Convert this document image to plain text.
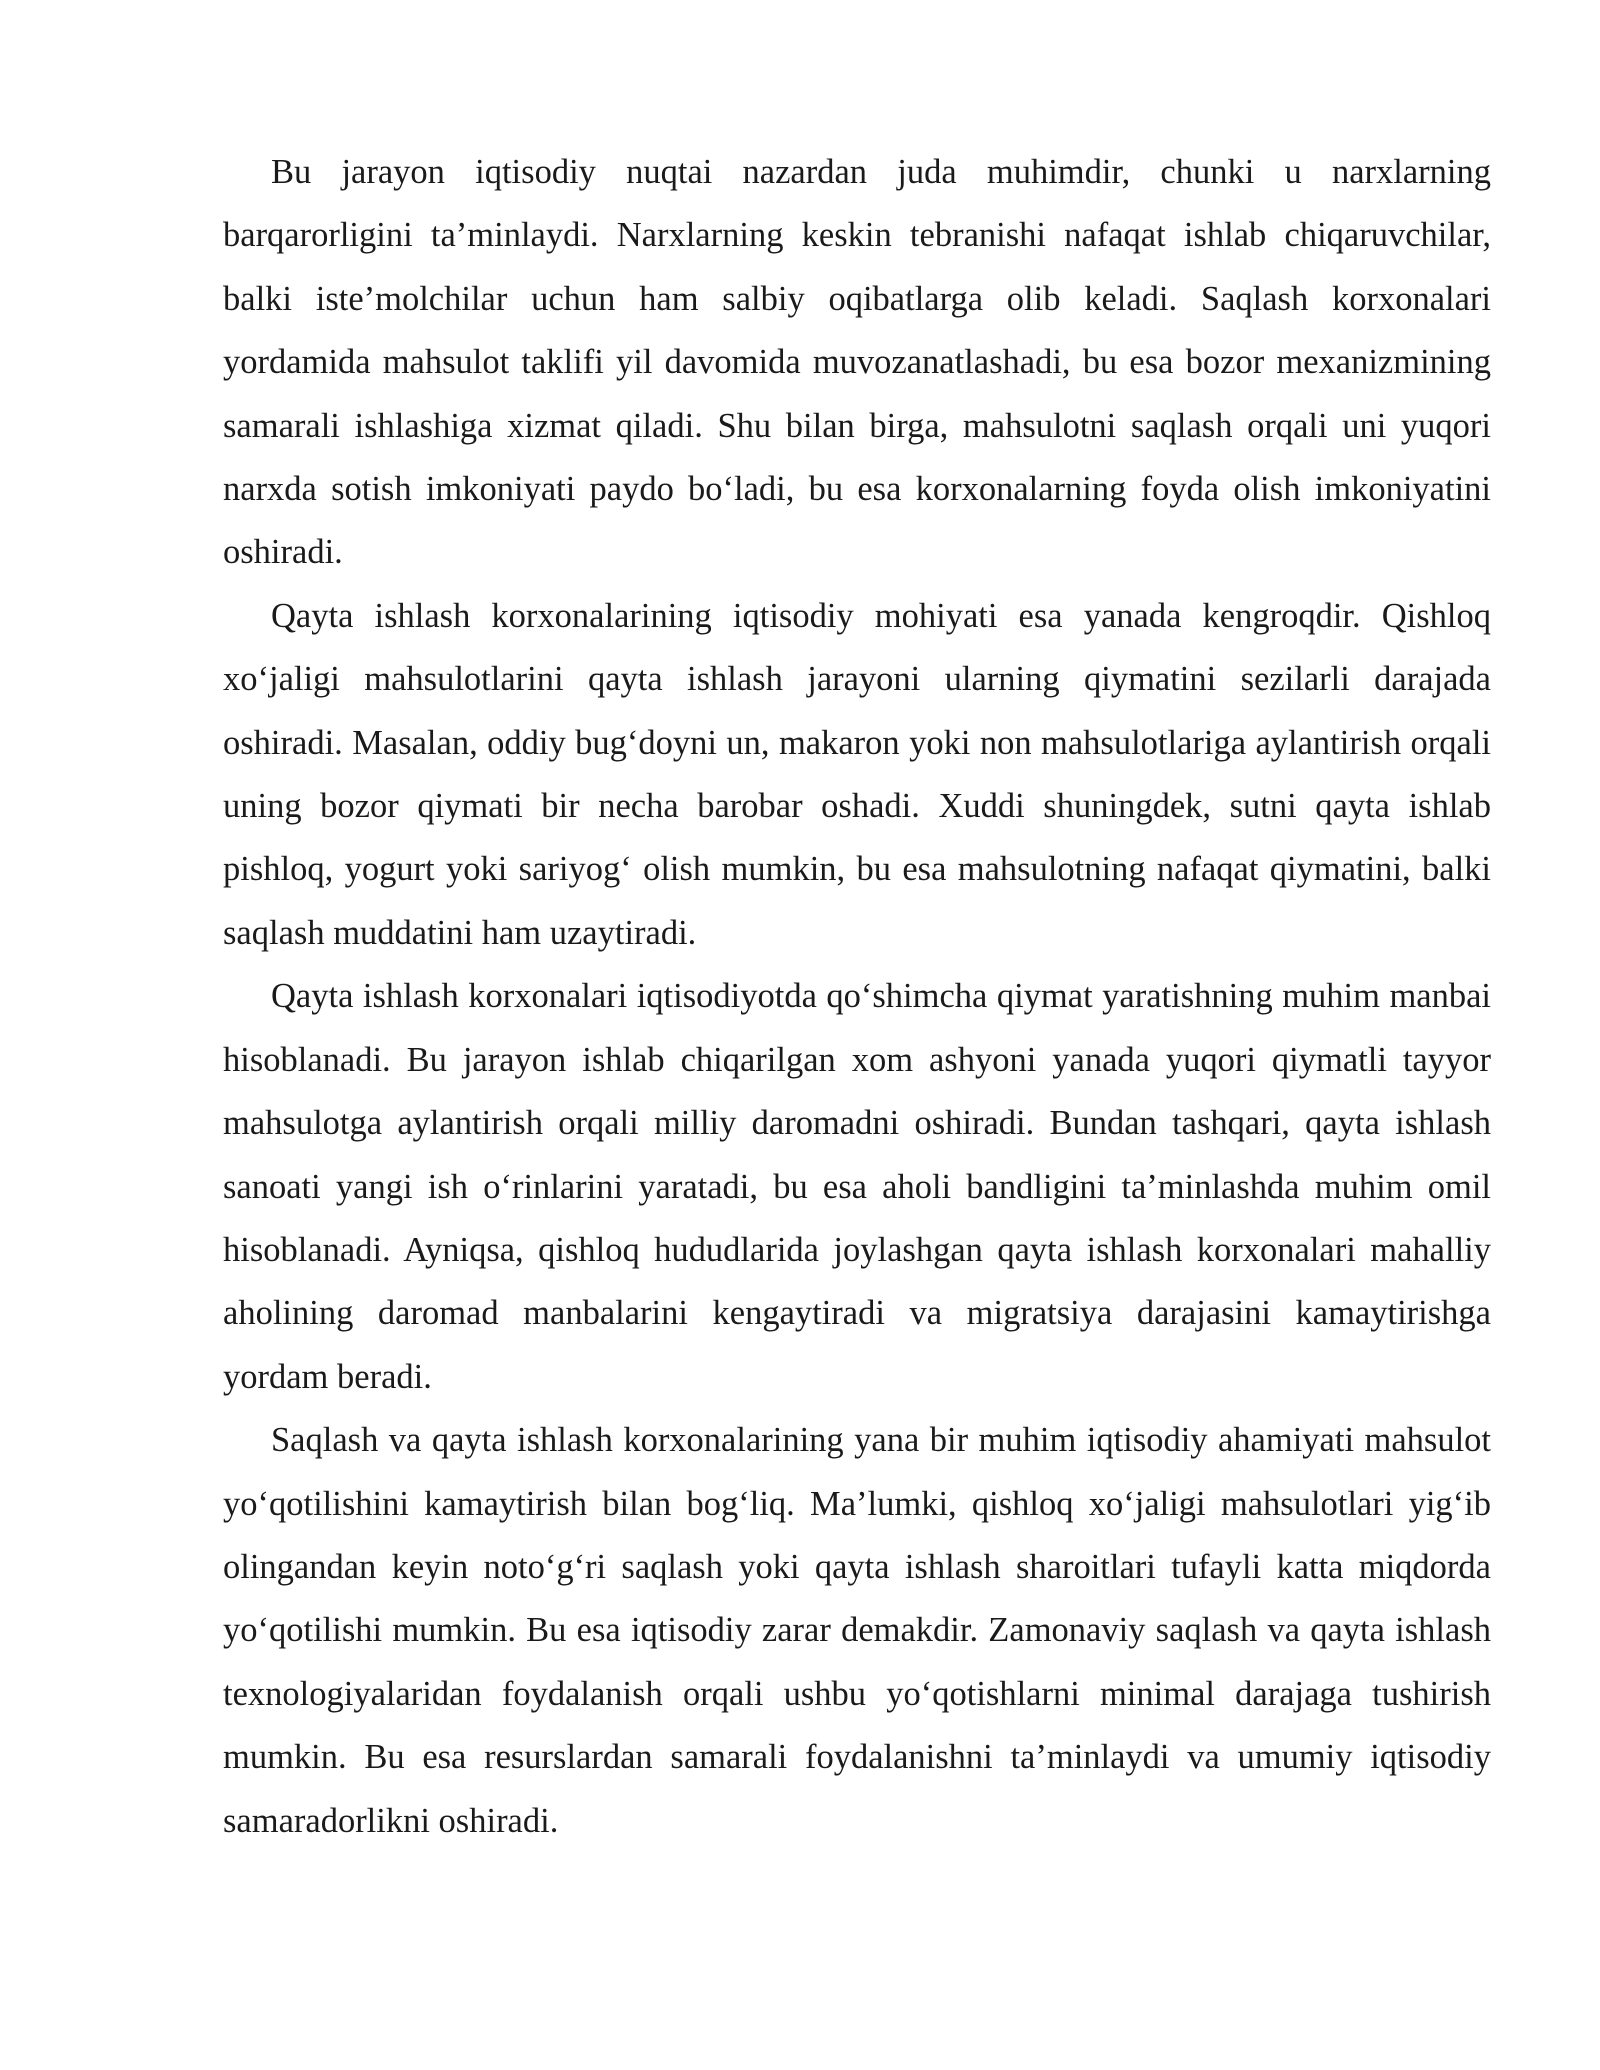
Bu jarayon iqtisodiy nuqtai nazardan juda muhimdir, chunki u narxlarning barqarorligini ta’minlaydi. Narxlarning keskin tebranishi nafaqat ishlab chiqaruvchilar, balki iste’molchilar uchun ham salbiy oqibatlarga olib keladi. Saqlash korxonalari yordamida mahsulot taklifi yil davomida muvozanatlashadi, bu esa bozor mexanizmining samarali ishlashiga xizmat qiladi. Shu bilan birga, mahsulotni saqlash orqali uni yuqori narxda sotish imkoniyati paydo bo‘ladi, bu esa korxonalarning foyda olish imkoniyatini oshiradi.

Qayta ishlash korxonalarining iqtisodiy mohiyati esa yanada kengroqdir. Qishloq xo‘jaligi mahsulotlarini qayta ishlash jarayoni ularning qiymatini sezilarli darajada oshiradi. Masalan, oddiy bug‘doyni un, makaron yoki non mahsulotlariga aylantirish orqali uning bozor qiymati bir necha barobar oshadi. Xuddi shuningdek, sutni qayta ishlab pishloq, yogurt yoki sariyog‘ olish mumkin, bu esa mahsulotning nafaqat qiymatini, balki saqlash muddatini ham uzaytiradi.

Qayta ishlash korxonalari iqtisodiyotda qo‘shimcha qiymat yaratishning muhim manbai hisoblanadi. Bu jarayon ishlab chiqarilgan xom ashyoni yanada yuqori qiymatli tayyor mahsulotga aylantirish orqali milliy daromadni oshiradi. Bundan tashqari, qayta ishlash sanoati yangi ish o‘rinlarini yaratadi, bu esa aholi bandligini ta’minlashda muhim omil hisoblanadi. Ayniqsa, qishloq hududlarida joylashgan qayta ishlash korxonalari mahalliy aholining daromad manbalarini kengaytiradi va migratsiya darajasini kamaytirishga yordam beradi.

Saqlash va qayta ishlash korxonalarining yana bir muhim iqtisodiy ahamiyati mahsulot yo‘qotilishini kamaytirish bilan bog‘liq. Ma’lumki, qishloq xo‘jaligi mahsulotlari yig‘ib olingandan keyin noto‘g‘ri saqlash yoki qayta ishlash sharoitlari tufayli katta miqdorda yo‘qotilishi mumkin. Bu esa iqtisodiy zarar demakdir. Zamonaviy saqlash va qayta ishlash texnologiyalaridan foydalanish orqali ushbu yo‘qotishlarni minimal darajaga tushirish mumkin. Bu esa resurslardan samarali foydalanishni ta’minlaydi va umumiy iqtisodiy samaradorlikni oshiradi.
